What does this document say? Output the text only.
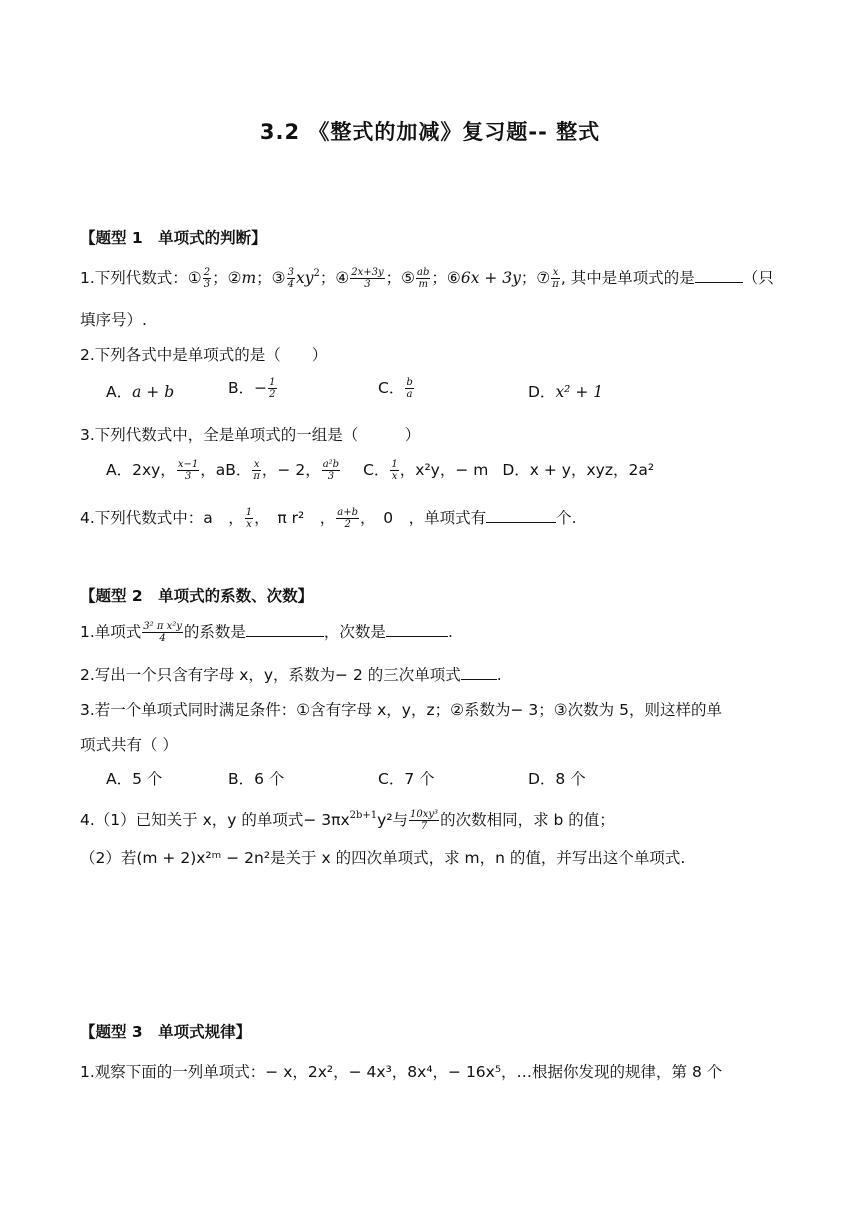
3.2 《整式的加减》复习题-- 整式
【题型 1　单项式的判断】
1.下列代数式：① $\frac{2}{3}$ ；②m；③ $\frac{3}{4} xy^2$；④ $\frac{2x+3y}{3}$ ；⑤ $\frac{ab}{m}$ ；⑥6x + 3y；⑦ $\frac{x}{\pi}$ , 其中是单项式的是	（只
填序号）.
2.下列各式中是单项式的是（　　）
A．a + b	B．− $\frac{1}{2}$	C． $\frac{b}{a}$	D．x² + 1
3.下列代数式中，全是单项式的一组是（　　　）
A．2xy， $\frac{x-1}{3}$ ，aB． $\frac{x}{\pi}$ ，− 2， $\frac{\text{a²b}}{3}$ C． $\frac{1}{x}$ ，x²y，− m D．x + y，xyz，2a²
4.下列代数式中：a　， $\frac{1}{x}$ ，　π r²　， $\frac{a+b}{2}$ ，　0　，单项式有	个.
【题型 2　单项式的系数、次数】
1.单项式 $\frac{\text{3² π x²y}}{4}$ 的系数是	，次数是	.
2.写出一个只含有字母 x，y，系数为− 2 的三次单项式 .
3.若一个单项式同时满足条件：①含有字母 x，y，z；②系数为− 3；③次数为 5，则这样的单
项式共有（ ）
A．5 个	B．6 个	C．7 个	D．8 个
4.（1）已知关于 x，y 的单项式− $3\pi x^{2b+1}y^2$与 $\frac{\text{10xy³}}{7}$ 的次数相同，求 b 的值；
（2）若(m + 2)x²ᵐ − 2n²是关于 x 的四次单项式，求 m，n 的值，并写出这个单项式.
【题型 3　单项式规律】
1.观察下面的一列单项式：− x，2x²，− 4x³，8x⁴，− 16x⁵，…根据你发现的规律，第 8 个
